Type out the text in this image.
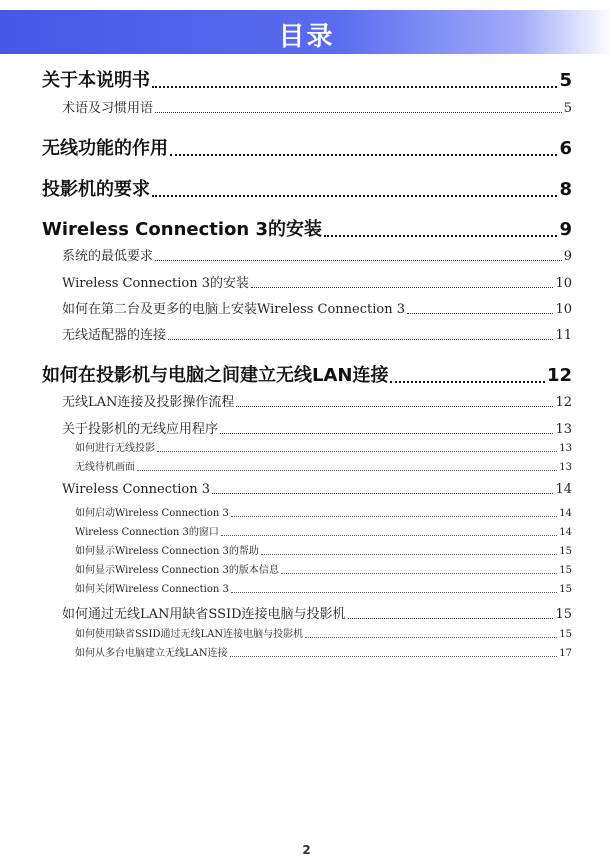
目录
关于本说明书	5
术语及习惯用语	5
无线功能的作用	6
投影机的要求	8
Wireless Connection 3的安装	9
系统的最低要求	9
Wireless Connection 3的安装	10
如何在第二台及更多的电脑上安装Wireless Connection 3	10
无线适配器的连接	11
如何在投影机与电脑之间建立无线LAN连接	12
无线LAN连接及投影操作流程	12
关于投影机的无线应用程序	13
如何进行无线投影	13
无线待机画面	13
Wireless Connection 3	14
如何启动Wireless Connection 3	14
Wireless Connection 3的窗口	14
如何显示Wireless Connection 3的帮助	15
如何显示Wireless Connection 3的版本信息	15
如何关闭Wireless Connection 3	15
如何通过无线LAN用缺省SSID连接电脑与投影机	15
如何使用缺省SSID通过无线LAN连接电脑与投影机	15
如何从多台电脑建立无线LAN连接	17
2
